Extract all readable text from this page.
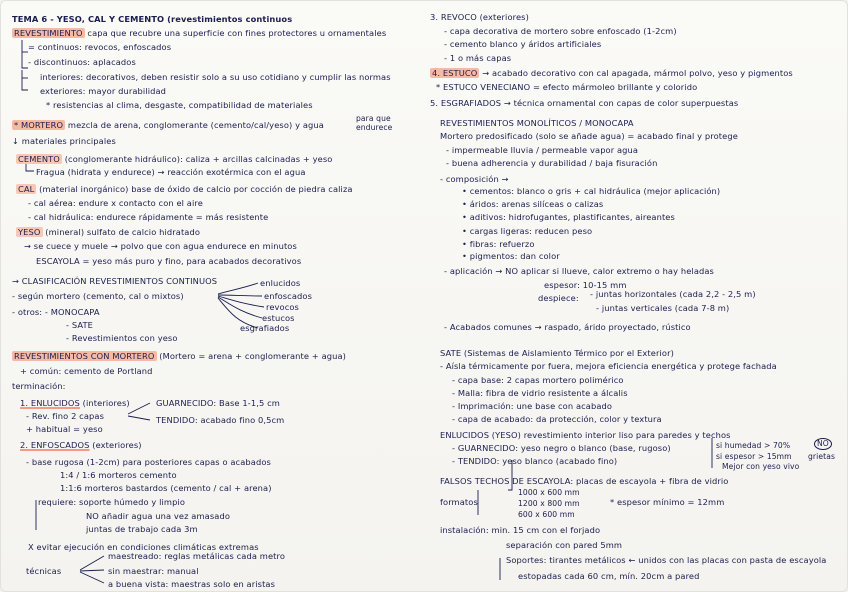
TEMA 6 - YESO, CAL Y CEMENTO (revestimientos continuos
REVESTIMIENTO capa que recubre una superficie con fines protectores u ornamentales
= continuos: revocos, enfoscados
- discontinuos: aplacados
interiores: decorativos, deben resistir solo a su uso cotidiano y cumplir las normas
exteriores: mayor durabilidad
* resistencias al clima, desgaste, compatibilidad de materiales
* MORTERO mezcla de arena, conglomerante (cemento/cal/yeso) y agua
para que endurece
↓ materiales principales
CEMENTO (conglomerante hidráulico): caliza + arcillas calcinadas + yeso
Fragua (hidrata y endurece) → reacción exotérmica con el agua
CAL (material inorgánico) base de óxido de calcio por cocción de piedra caliza
- cal aérea: endure x contacto con el aire
- cal hidráulica: endurece rápidamente = más resistente
YESO (mineral) sulfato de calcio hidratado
→ se cuece y muele → polvo que con agua endurece en minutos
ESCAYOLA = yeso más puro y fino, para acabados decorativos
→ CLASIFICACIÓN REVESTIMIENTOS CONTINUOS
- según mortero (cemento, cal o mixtos)
- otros: - MONOCAPA
- SATE
- Revestimientos con yeso
enlucidos
enfoscados
revocos
estucos
esgrafiados
REVESTIMIENTOS CON MORTERO (Mortero = arena + conglomerante + agua)
+ común: cemento de Portland
terminación:
1. ENLUCIDOS (interiores)
- Rev. fino 2 capas
+ habitual = yeso
GUARNECIDO: Base 1-1,5 cm
TENDIDO: acabado fino 0,5cm
2. ENFOSCADOS (exteriores)
- base rugosa (1-2cm) para posteriores capas o acabados
1:4 / 1:6 morteros cemento
1:1:6 morteros bastardos (cemento / cal + arena)
requiere: soporte húmedo y limpio
NO añadir agua una vez amasado
juntas de trabajo cada 3m
X evitar ejecución en condiciones climáticas extremas
técnicas
maestreado: reglas metálicas cada metro
sin maestrar: manual
a buena vista: maestras solo en aristas
3. REVOCO (exteriores)
- capa decorativa de mortero sobre enfoscado (1-2cm)
- cemento blanco y áridos artificiales
- 1 o más capas
4. ESTUCO → acabado decorativo con cal apagada, mármol polvo, yeso y pigmentos
* ESTUCO VENECIANO = efecto mármoleo brillante y colorido
5. ESGRAFIADOS → técnica ornamental con capas de color superpuestas
REVESTIMIENTOS MONOLÍTICOS / MONOCAPA
Mortero predosificado (solo se añade agua) = acabado final y protege
- impermeable lluvia / permeable vapor agua
- buena adherencia y durabilidad / baja fisuración
- composición →
• cementos: blanco o gris + cal hidráulica (mejor aplicación)
• áridos: arenas silíceas o calizas
• aditivos: hidrofugantes, plastificantes, aireantes
• cargas ligeras: reducen peso
• fibras: refuerzo
• pigmentos: dan color
- aplicación → NO aplicar si llueve, calor extremo o hay heladas
espesor: 10-15 mm
despiece: - juntas horizontales (cada 2,2 - 2,5 m)
- juntas verticales (cada 7-8 m)
- Acabados comunes → raspado, árido proyectado, rústico
SATE (Sistemas de Aislamiento Térmico por el Exterior)
- Aísla térmicamente por fuera, mejora eficiencia energética y protege fachada
- capa base: 2 capas mortero polimérico
- Malla: fibra de vidrio resistente a álcalis
- Imprimación: une base con acabado
- capa de acabado: da protección, color y textura
ENLUCIDOS (YESO) revestimiento interior liso para paredes y techos
- GUARNECIDO: yeso negro o blanco (base, rugoso)
- TENDIDO: yeso blanco (acabado fino)
si humedad > 70%	NO
si espesor > 15mm grietas
Mejor con yeso vivo
FALSOS TECHOS DE ESCAYOLA: placas de escayola + fibra de vidrio
formatos
1000 x 600 mm
1200 x 800 mm
600 x 600 mm
* espesor mínimo = 12mm
instalación: min. 15 cm con el forjado
separación con pared 5mm
Soportes: tirantes metálicos ← unidos con las placas con pasta de escayola
estopadas cada 60 cm, mín. 20cm a pared
